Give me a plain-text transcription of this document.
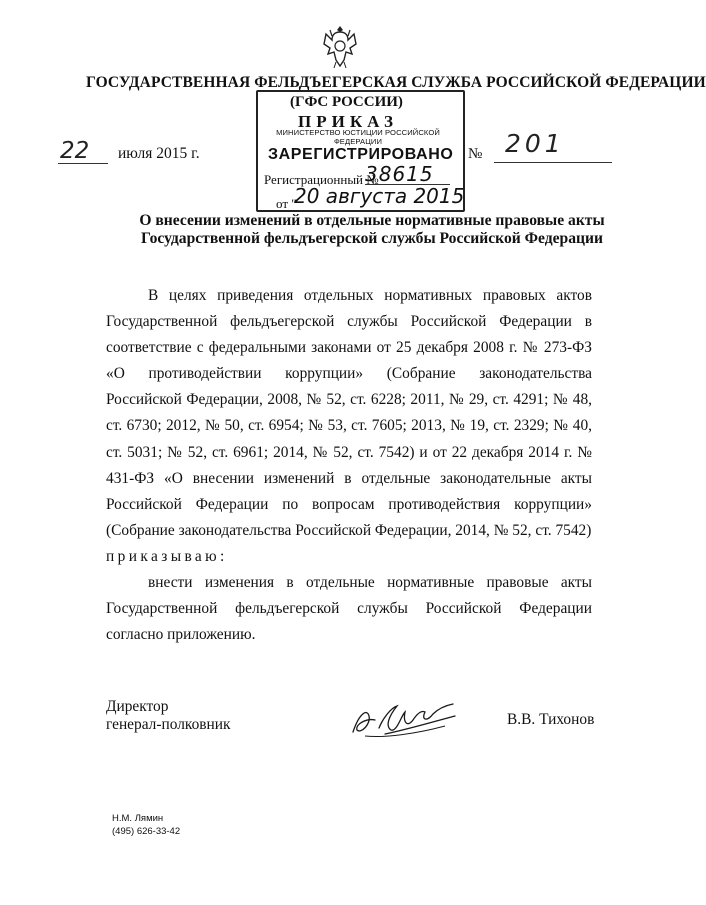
ГОСУДАРСТВЕННАЯ ФЕЛЬДЪЕГЕРСКАЯ СЛУЖБА РОССИЙСКОЙ ФЕДЕРАЦИИ
(ГФС РОССИИ)
ПРИКАЗ
22 июля 2015 г.	№ 201
МИНИСТЕРСТВО ЮСТИЦИИ РОССИЙСКОЙ ФЕДЕРАЦИИ
ЗАРЕГИСТРИРОВАНО
Регистрационный №
38615
от "
20 августа 2015
О внесении изменений в отдельные нормативные правовые акты Государственной фельдъегерской службы Российской Федерации

В целях приведения отдельных нормативных правовых актов Государственной фельдъегерской службы Российской Федерации в соответствие с федеральными законами от 25 декабря 2008 г. № 273-ФЗ «О противодействии коррупции» (Собрание законодательства Российской Федерации, 2008, № 52, ст. 6228; 2011, № 29, ст. 4291; № 48, ст. 6730; 2012, № 50, ст. 6954; № 53, ст. 7605; 2013, № 19, ст. 2329; № 40, ст. 5031; № 52, ст. 6961; 2014, № 52, ст. 7542) и от 22 декабря 2014 г. № 431-ФЗ «О внесении изменений в отдельные законодательные акты Российской Федерации по вопросам противодействия коррупции» (Собрание законодательства Российской Федерации, 2014, № 52, ст. 7542)

приказываю:

внести изменения в отдельные нормативные правовые акты Государственной фельдъегерской службы Российской Федерации согласно приложению.

Директор
генерал-полковник	В.В. Тихонов
Н.М. Лямин
(495) 626-33-42
